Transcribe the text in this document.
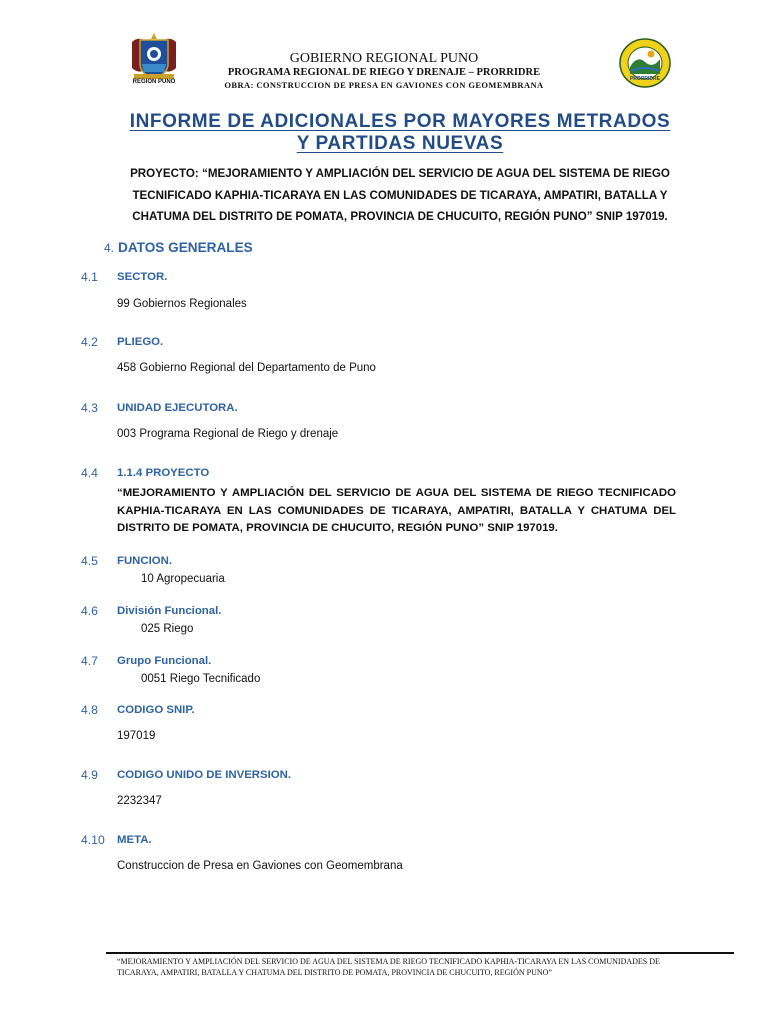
REGION PUNO	PRORRIDRE
GOBIERNO REGIONAL PUNO
PROGRAMA REGIONAL DE RIEGO Y DRENAJE – PRORRIDRE
OBRA: CONSTRUCCION DE PRESA EN GAVIONES CON GEOMEMBRANA
INFORME DE ADICIONALES POR MAYORES METRADOS
Y PARTIDAS NUEVAS
PROYECTO: “MEJORAMIENTO Y AMPLIACIÓN DEL SERVICIO DE AGUA DEL SISTEMA DE RIEGO TECNIFICADO KAPHIA-TICARAYA EN LAS COMUNIDADES DE TICARAYA, AMPATIRI, BATALLA Y CHATUMA DEL DISTRITO DE POMATA, PROVINCIA DE CHUCUITO, REGIÓN PUNO” SNIP 197019.
4. DATOS GENERALES
4.1 SECTOR.
99 Gobiernos Regionales
4.2 PLIEGO.
458 Gobierno Regional del Departamento de Puno
4.3 UNIDAD EJECUTORA.
003 Programa Regional de Riego y drenaje
4.4 1.1.4 PROYECTO
“MEJORAMIENTO Y AMPLIACIÓN DEL SERVICIO DE AGUA DEL SISTEMA DE RIEGO TECNIFICADO KAPHIA-TICARAYA EN LAS COMUNIDADES DE TICARAYA, AMPATIRI, BATALLA Y CHATUMA DEL DISTRITO DE POMATA, PROVINCIA DE CHUCUITO, REGIÓN PUNO” SNIP 197019.
4.5 FUNCION.
10 Agropecuaria
4.6 División Funcional.
025 Riego
4.7 Grupo Funcional.
0051 Riego Tecnificado
4.8 CODIGO SNIP.
197019
4.9 CODIGO UNIDO DE INVERSION.
2232347
4.10 META.
Construccion de Presa en Gaviones con Geomembrana
“MEJORAMIENTO Y AMPLIACIÓN DEL SERVICIO DE AGUA DEL SISTEMA DE RIEGO TECNIFICADO KAPHIA-TICARAYA EN LAS COMUNIDADES DE TICARAYA, AMPATIRI, BATALLA Y CHATUMA DEL DISTRITO DE POMATA, PROVINCIA DE CHUCUITO, REGIÓN PUNO”
